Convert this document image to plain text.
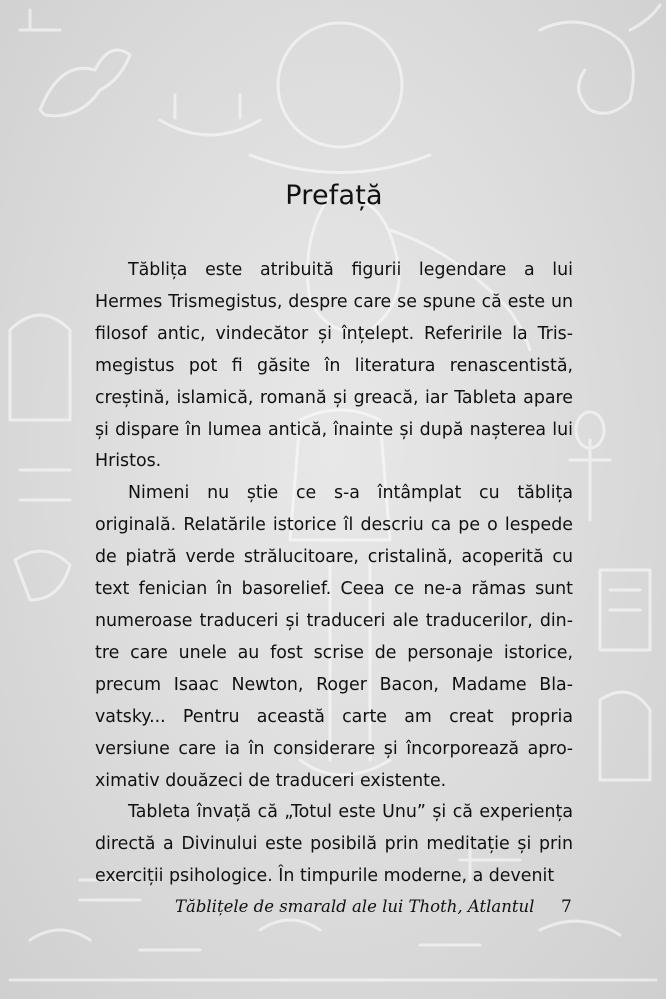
Prefață

Tăblița este atribuită figurii legendare a lui Hermes Trismegistus, despre care se spune că este un filosof antic, vindecător și înțelept. Referirile la Trismegistus pot fi găsite în literatura renascentistă, creștină, islamică, romană și greacă, iar Tableta apare și dispare în lumea antică, înainte și după nașterea lui Hristos.

Nimeni nu știe ce s-a întâmplat cu tăblița originală. Relatările istorice îl descriu ca pe o lespede de piatră verde strălucitoare, cristalină, acoperită cu text fenician în basorelief. Ceea ce ne-a rămas sunt numeroase traduceri și traduceri ale traducerilor, dintre care unele au fost scrise de personaje istorice, precum Isaac Newton, Roger Bacon, Madame Blavatsky... Pentru această carte am creat propria versiune care ia în considerare și încorporează aproximativ douăzeci de traduceri existente.

Tableta învață că „Totul este Unu” și că experiența directă a Divinului este posibilă prin meditație și prin exerciții psihologice. În timpurile moderne, a devenit

Tăblițele de smarald ale lui Thoth, Atlantul 7
